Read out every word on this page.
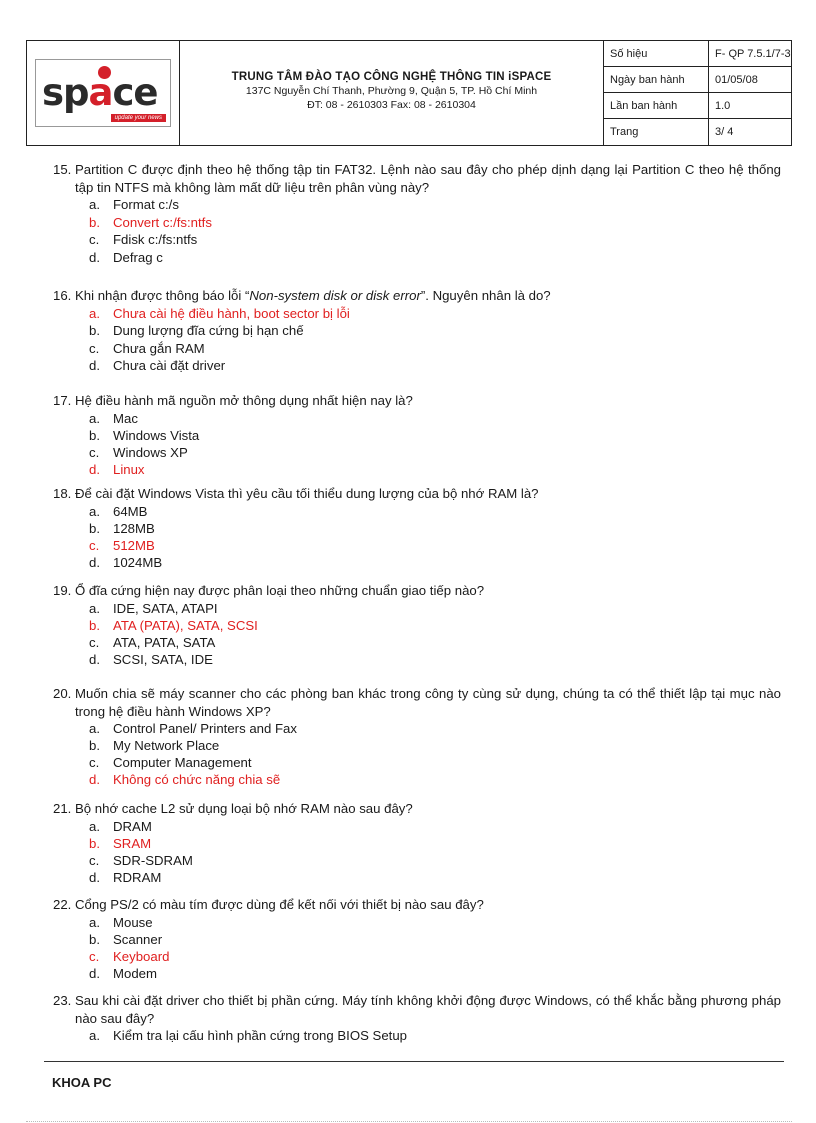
space
update your news
TRUNG TÂM ĐÀO TẠO CÔNG NGHỆ THÔNG TIN iSPACE
137C Nguyễn Chí Thanh, Phường 9, Quận 5, TP. Hồ Chí Minh
ĐT: 08 - 2610303 Fax: 08 - 2610304
Số hiệu	F- QP 7.5.1/7-3
Ngày ban hành	01/05/08
Lần ban hành	1.0
Trang	3/ 4
15. Partition C được định theo hệ thống tập tin FAT32. Lệnh nào sau đây cho phép dịnh dạng lại Partition C theo hệ thống tập tin NTFS mà không làm mất dữ liệu trên phân vùng này?
a. Format c:/s
b. Convert c:/fs:ntfs
c.	Fdisk c:/fs:ntfs
d. Defrag c
16. Khi nhận được thông báo lỗi “Non-system disk or disk error”. Nguyên nhân là do?
a. Chưa cài hệ điều hành, boot sector bị lỗi
b. Dung lượng đĩa cứng bị hạn chế
c.	Chưa gắn RAM
d. Chưa cài đặt driver
17. Hệ điều hành mã nguồn mở thông dụng nhất hiện nay là?
a. Mac
b. Windows Vista
c.	Windows XP
d. Linux
18. Để cài đặt Windows Vista thì yêu cầu tối thiểu dung lượng của bộ nhớ RAM là?
a. 64MB
b. 128MB
c.	512MB
d. 1024MB
19. Ổ đĩa cứng hiện nay được phân loại theo những chuẩn giao tiếp nào?
a. IDE, SATA, ATAPI
b. ATA (PATA), SATA, SCSI
c.	ATA, PATA, SATA
d. SCSI, SATA, IDE
20. Muốn chia sẽ máy scanner cho các phòng ban khác trong công ty cùng sử dụng, chúng ta có thể thiết lập tại mục nào trong hệ điều hành Windows XP?
a. Control Panel/ Printers and Fax
b. My Network Place
c.	Computer Management
d. Không có chức năng chia sẽ
21. Bộ nhớ cache L2 sử dụng loại bộ nhớ RAM nào sau đây?
a. DRAM
b. SRAM
c.	SDR-SDRAM
d. RDRAM
22. Cổng PS/2 có màu tím được dùng để kết nối với thiết bị nào sau đây?
a. Mouse
b. Scanner
c.	Keyboard
d. Modem
23. Sau khi cài đặt driver cho thiết bị phần cứng. Máy tính không khởi động được Windows, có thể khắc bằng phương pháp nào sau đây?
a. Kiểm tra lại cấu hình phần cứng trong BIOS Setup
KHOA PC
